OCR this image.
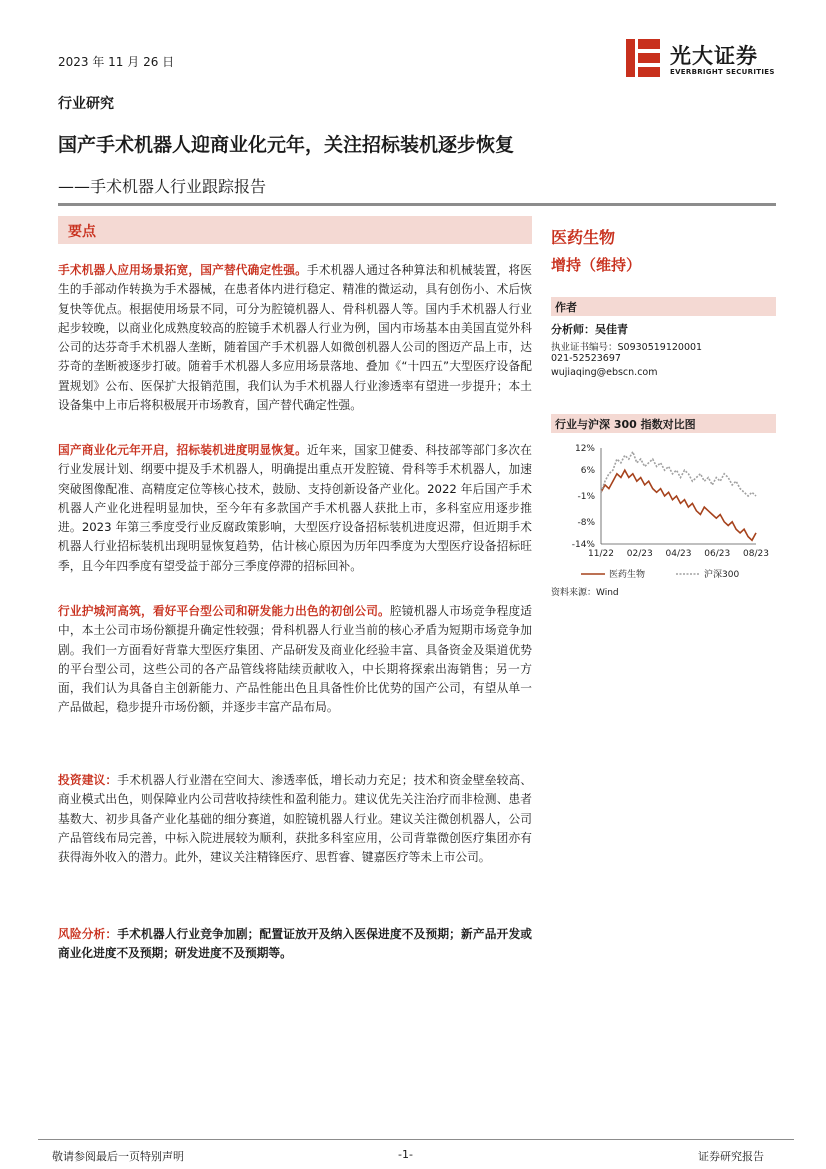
2023 年 11 月 26 日	光大证券
EVERBRIGHT SECURITIES
行业研究
国产手术机器人迎商业化元年，关注招标装机逐步恢复
——手术机器人行业跟踪报告
要点
手术机器人应用场景拓宽，国产替代确定性强。手术机器人通过各种算法和机械装置，将医生的手部动作转换为手术器械，在患者体内进行稳定、精准的微运动，具有创伤小、术后恢复快等优点。根据使用场景不同，可分为腔镜机器人、骨科机器人等。国内手术机器人行业起步较晚，以商业化成熟度较高的腔镜手术机器人行业为例，国内市场基本由美国直觉外科公司的达芬奇手术机器人垄断，随着国产手术机器人如微创机器人公司的图迈产品上市，达芬奇的垄断被逐步打破。随着手术机器人多应用场景落地、叠加《“十四五”大型医疗设备配置规划》公布、医保扩大报销范围，我们认为手术机器人行业渗透率有望进一步提升；本土设备集中上市后将积极展开市场教育，国产替代确定性强。
国产商业化元年开启，招标装机进度明显恢复。近年来，国家卫健委、科技部等部门多次在行业发展计划、纲要中提及手术机器人，明确提出重点开发腔镜、骨科等手术机器人，加速突破图像配准、高精度定位等核心技术，鼓励、支持创新设备产业化。2022 年后国产手术机器人产业化进程明显加快，至今年有多款国产手术机器人获批上市，多科室应用逐步推进。2023 年第三季度受行业反腐政策影响，大型医疗设备招标装机进度迟滞，但近期手术机器人行业招标装机出现明显恢复趋势，估计核心原因为历年四季度为大型医疗设备招标旺季，且今年四季度有望受益于部分三季度停滞的招标回补。
行业护城河高筑，看好平台型公司和研发能力出色的初创公司。腔镜机器人市场竞争程度适中，本土公司市场份额提升确定性较强；骨科机器人行业当前的核心矛盾为短期市场竞争加剧。我们一方面看好背靠大型医疗集团、产品研发及商业化经验丰富、具备资金及渠道优势的平台型公司，这些公司的各产品管线将陆续贡献收入，中长期将探索出海销售；另一方面，我们认为具备自主创新能力、产品性能出色且具备性价比优势的国产公司，有望从单一产品做起，稳步提升市场份额，并逐步丰富产品布局。
投资建议：手术机器人行业潜在空间大、渗透率低，增长动力充足；技术和资金壁垒较高、商业模式出色，则保障业内公司营收持续性和盈利能力。建议优先关注治疗而非检测、患者基数大、初步具备产业化基础的细分赛道，如腔镜机器人行业。建议关注微创机器人，公司产品管线布局完善，中标入院进展较为顺利，获批多科室应用，公司背靠微创医疗集团亦有获得海外收入的潜力。此外，建议关注精锋医疗、思哲睿、键嘉医疗等未上市公司。
风险分析：手术机器人行业竞争加剧；配置证放开及纳入医保进度不及预期；新产品开发或商业化进度不及预期；研发进度不及预期等。
医药生物
增持（维持）
作者
分析师：吴佳青
执业证书编号：S0930519120001
021-52523697
wujiaqing@ebscn.com
行业与沪深 300 指数对比图
12%
6%
-1%
-8%
-14%
11/22 02/23 04/23 06/23 08/23
医药生物	沪深300
资料来源：Wind
敬请参阅最后一页特别声明	-1-	证券研究报告
